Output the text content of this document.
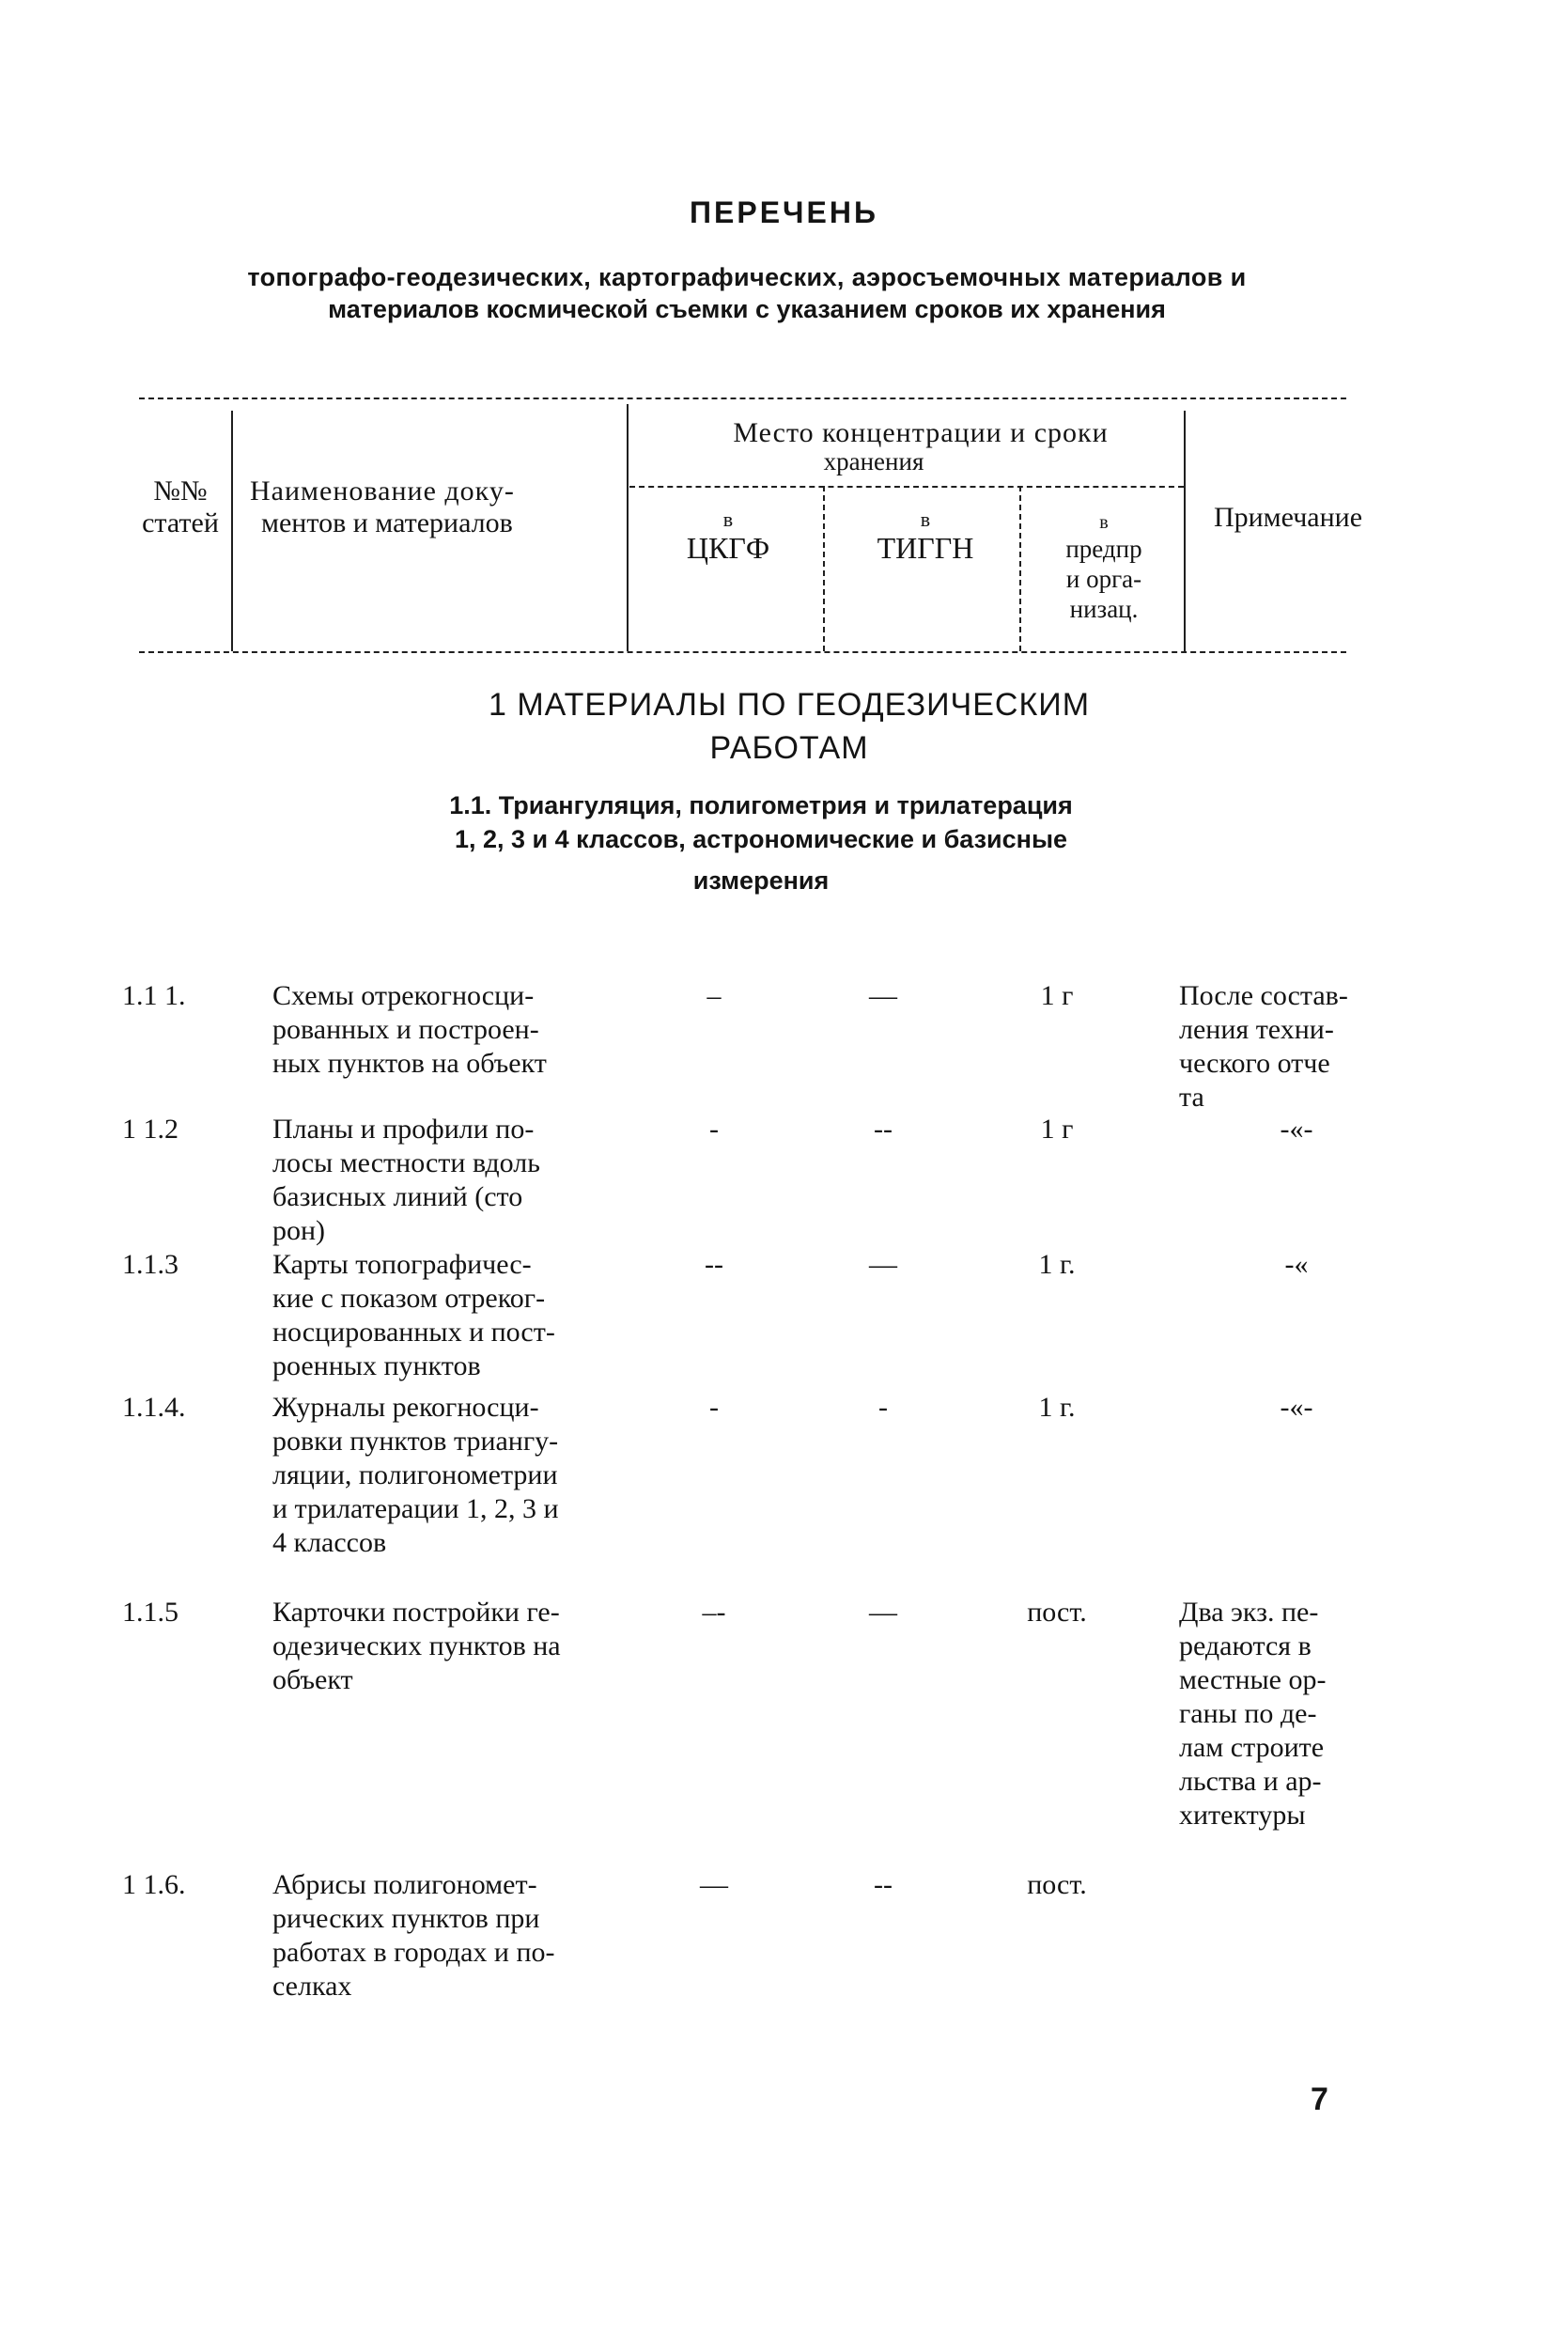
ПЕРЕЧЕНЬ
топографо-геодезических, картографических, аэросъемочных материалов и
материалов космической съемки с указанием сроков их хранения
№№
статей
Наименование доку-
ментов и материалов
Место концентрации и сроки
хранения
в
ЦКГФ
в
ТИГГН
в
предпр
и орга-
низац.
Примечание
1 МАТЕРИАЛЫ ПО ГЕОДЕЗИЧЕСКИМ
РАБОТАМ
1.1. Триангуляция, полигометрия и трилатерация
1, 2, 3 и 4 классов, астрономические и базисные
измерения
1.1 1.	Схемы отрекогносци-
рованных и построен-
ных пунктов на объект
–	—	1 г	После состав-
ления техни-
ческого отче
та
1 1.2	Планы и профили по-
лосы местности вдоль
базисных линий (сто
рон)
-	--	1 г	-«-
1.1.3	Карты топографичес-
кие с показом отреког-
носцированных и пост-
роенных пунктов
--	—	1 г.	-«
1.1.4.	Журналы рекогносци-
ровки пунктов триангу-
ляции, полигонометрии
и трилатерации 1, 2, 3 и
4 классов
-	-	1 г.	-«-
1.1.5	Карточки постройки ге-
одезических пунктов на
объект
–-	—	пост.	Два экз. пе-
редаются в
местные ор-
ганы по де-
лам строите
льства и ар-
хитектуры
1 1.6.	Абрисы полигономет-
рических пунктов при
работах в городах и по-
селках
—	--	пост.
7
